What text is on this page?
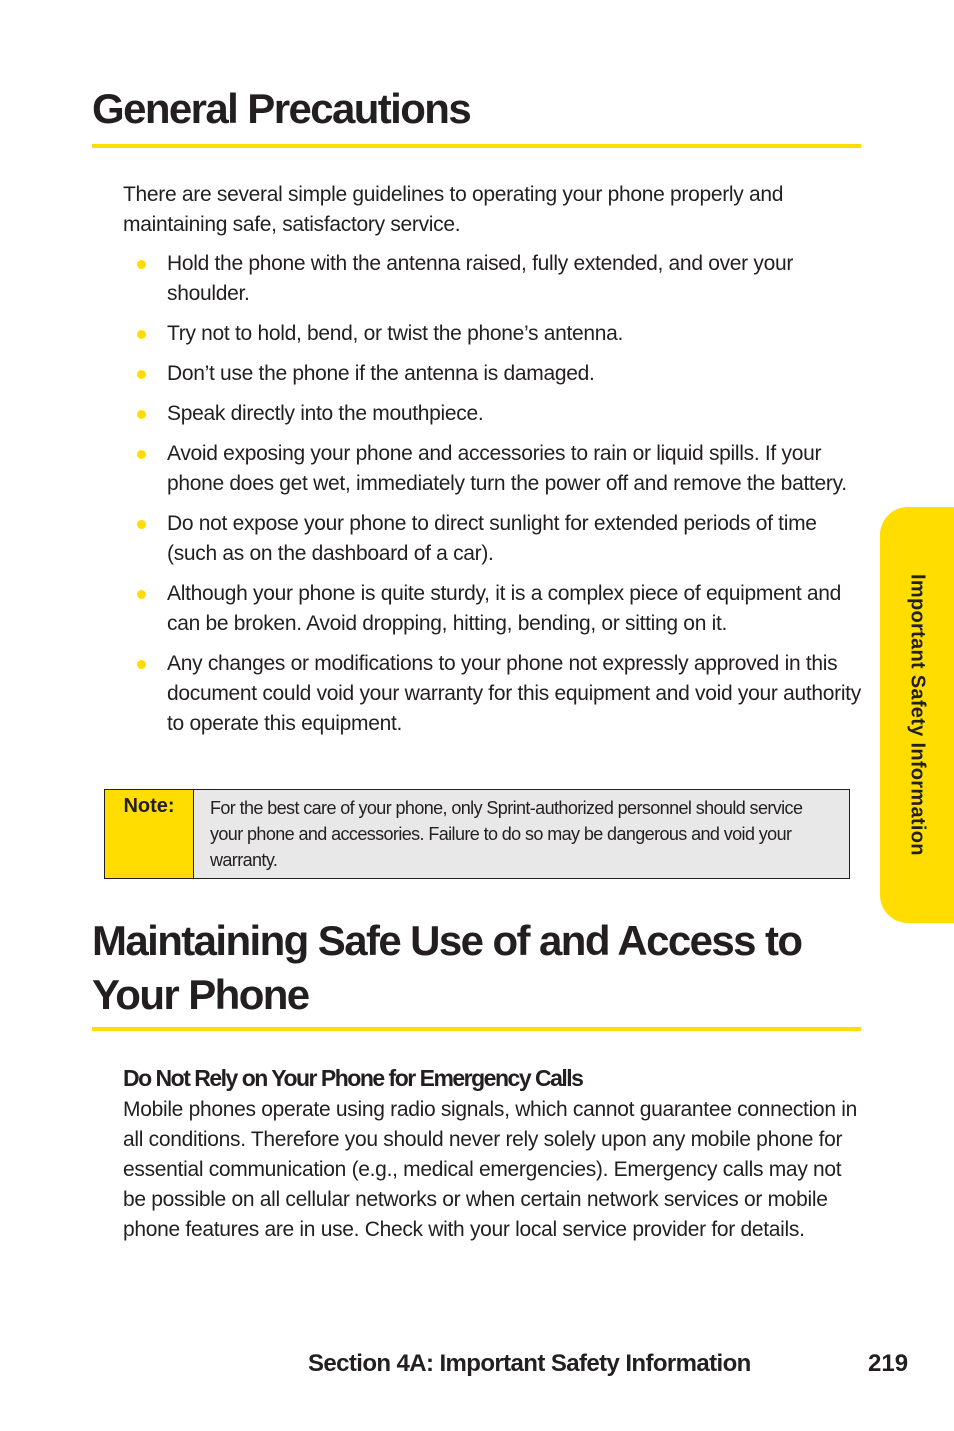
General Precautions

There are several simple guidelines to operating your phone properly and maintaining safe, satisfactory service.

Hold the phone with the antenna raised, fully extended, and over your shoulder.
Try not to hold, bend, or twist the phone’s antenna.
Don’t use the phone if the antenna is damaged.
Speak directly into the mouthpiece.
Avoid exposing your phone and accessories to rain or liquid spills. If your phone does get wet, immediately turn the power off and remove the battery.
Do not expose your phone to direct sunlight for extended periods of time (such as on the dashboard of a car).
Although your phone is quite sturdy, it is a complex piece of equipment and can be broken. Avoid dropping, hitting, bending, or sitting on it.
Any changes or modifications to your phone not expressly approved in this document could void your warranty for this equipment and void your authority to operate this equipment.
Note:	For the best care of your phone, only Sprint-authorized personnel should service your phone and accessories. Failure to do so may be dangerous and void your warranty.
Maintaining Safe Use of and Access to Your Phone
Do Not Rely on Your Phone for Emergency Calls

Mobile phones operate using radio signals, which cannot guarantee connection in all conditions. Therefore you should never rely solely upon any mobile phone for essential communication (e.g., medical emergencies). Emergency calls may not be possible on all cellular networks or when certain network services or mobile phone features are in use. Check with your local service provider for details.

Important Safety Information

Section 4A: Important Safety Information	219
